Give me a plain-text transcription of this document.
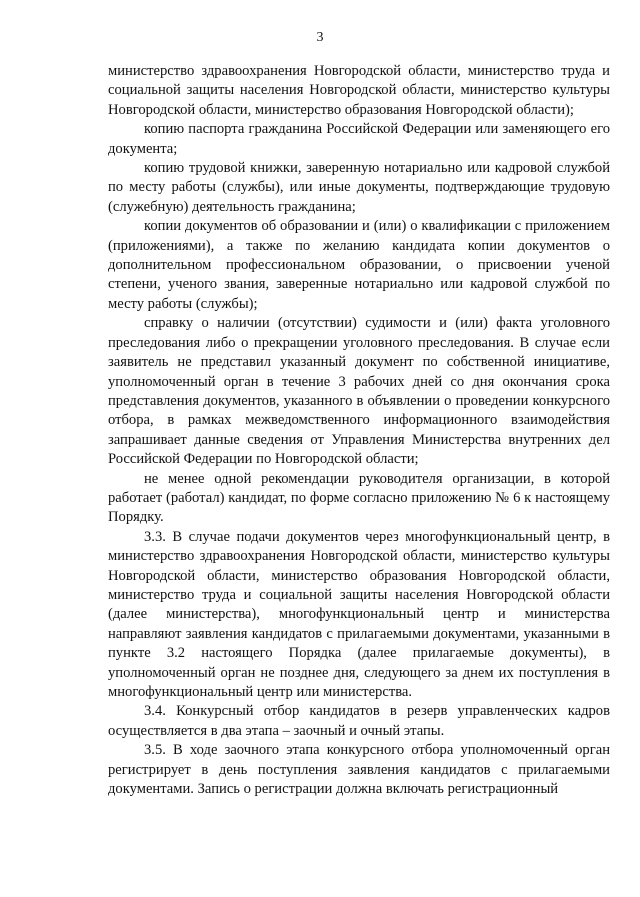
3

министерство здравоохранения Новгородской области, министерство труда и социальной защиты населения Новгородской области, министерство культуры Новгородской области, министерство образования Новгородской области);

копию паспорта гражданина Российской Федерации или заменяющего его документа;

копию трудовой книжки, заверенную нотариально или кадровой службой по месту работы (службы), или иные документы, подтверждающие трудовую (служебную) деятельность гражданина;

копии документов об образовании и (или) о квалификации с приложением (приложениями), а также по желанию кандидата копии документов о дополнительном профессиональном образовании, о присвоении ученой степени, ученого звания, заверенные нотариально или кадровой службой по месту работы (службы);

справку о наличии (отсутствии) судимости и (или) факта уголовного преследования либо о прекращении уголовного преследования. В случае если заявитель не представил указанный документ по собственной инициативе, уполномоченный орган в течение 3 рабочих дней со дня окончания срока представления документов, указанного в объявлении о проведении конкурсного отбора, в рамках межведомственного информационного взаимодействия запрашивает данные сведения от Управления Министерства внутренних дел Российской Федерации по Новгородской области;

не менее одной рекомендации руководителя организации, в которой работает (работал) кандидат, по форме согласно приложению № 6 к настоящему Порядку.

3.3. В случае подачи документов через многофункциональный центр, в министерство здравоохранения Новгородской области, министерство культуры Новгородской области, министерство образования Новгородской области, министерство труда и социальной защиты населения Новгородской области (далее министерства), многофункциональный центр и министерства направляют заявления кандидатов с прилагаемыми документами, указанными в пункте 3.2 настоящего Порядка (далее прилагаемые документы), в уполномоченный орган не позднее дня, следующего за днем их поступления в многофункциональный центр или министерства.

3.4. Конкурсный отбор кандидатов в резерв управленческих кадров осуществляется в два этапа – заочный и очный этапы.

3.5. В ходе заочного этапа конкурсного отбора уполномоченный орган регистрирует в день поступления заявления кандидатов с прилагаемыми документами. Запись о регистрации должна включать регистрационный
